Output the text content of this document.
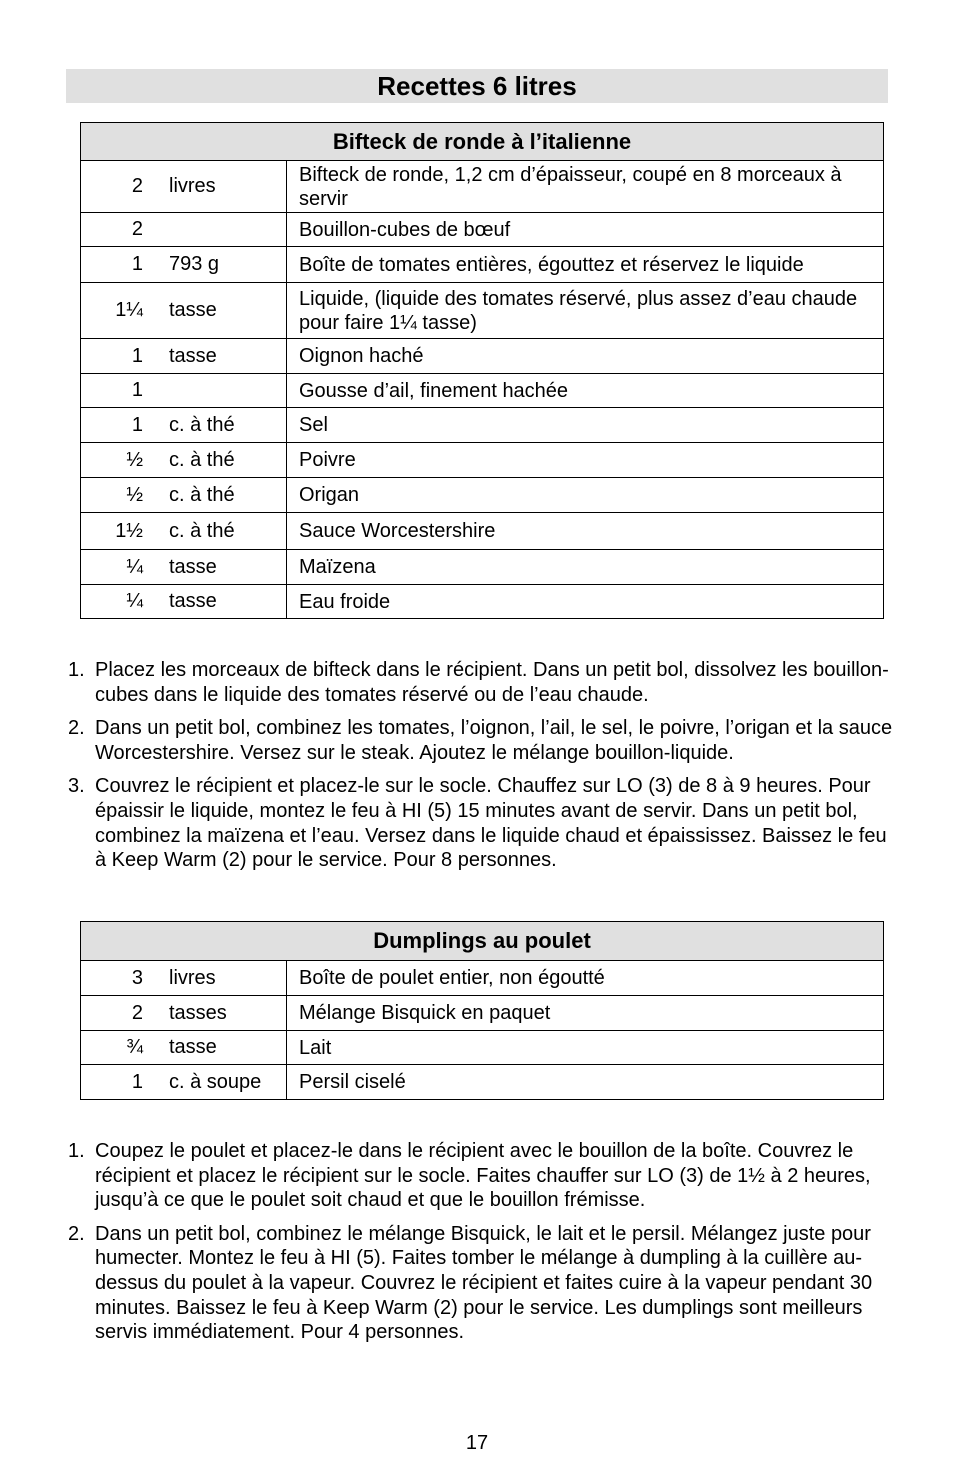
Recettes 6 litres
Bifteck de ronde à l’italienne	

2 livres	Bifteck de ronde, 1,2 cm d’épaisseur, coupé en 8 morceaux à servir

2	Bouillon-cubes de bœuf

1 793 g	Boîte de tomates entières, égouttez et réservez le liquide

1¼ tasse	Liquide, (liquide des tomates réservé, plus assez d’eau chaude pour faire 1¼ tasse)

1 tasse	Oignon haché

1	Gousse d’ail, finement hachée

1 c. à thé	Sel

½ c. à thé	Poivre

½ c. à thé	Origan

1½ c. à thé	Sauce Worcestershire

¼ tasse	Maïzena

¼ tasse	Eau froide
1. Placez les morceaux de bifteck dans le récipient. Dans un petit bol, dissolvez les bouillon-cubes dans le liquide des tomates réservé ou de l’eau chaude.
2. Dans un petit bol, combinez les tomates, l’oignon, l’ail, le sel, le poivre, l’origan et la sauce Worcestershire. Versez sur le steak. Ajoutez le mélange bouillon-liquide.
3. Couvrez le récipient et placez-le sur le socle. Chauffez sur LO (3) de 8 à 9 heures. Pour épaissir le liquide, montez le feu à HI (5) 15 minutes avant de servir. Dans un petit bol, combinez la maïzena et l’eau. Versez dans le liquide chaud et épaississez. Baissez le feu à Keep Warm (2) pour le service. Pour 8 personnes.
Dumplings au poulet	

3 livres	Boîte de poulet entier, non égoutté

2 tasses	Mélange Bisquick en paquet

¾ tasse	Lait

1 c. à soupe	Persil ciselé
1. Coupez le poulet et placez-le dans le récipient avec le bouillon de la boîte. Couvrez le récipient et placez le récipient sur le socle. Faites chauffer sur LO (3) de 1½ à 2 heures, jusqu’à ce que le poulet soit chaud et que le bouillon frémisse.
2. Dans un petit bol, combinez le mélange Bisquick, le lait et le persil. Mélangez juste pour humecter. Montez le feu à HI (5). Faites tomber le mélange à dumpling à la cuillère au-dessus du poulet à la vapeur. Couvrez le récipient et faites cuire à la vapeur pendant 30 minutes. Baissez le feu à Keep Warm (2) pour le service. Les dumplings sont meilleurs servis immédiatement. Pour 4 personnes.
17
